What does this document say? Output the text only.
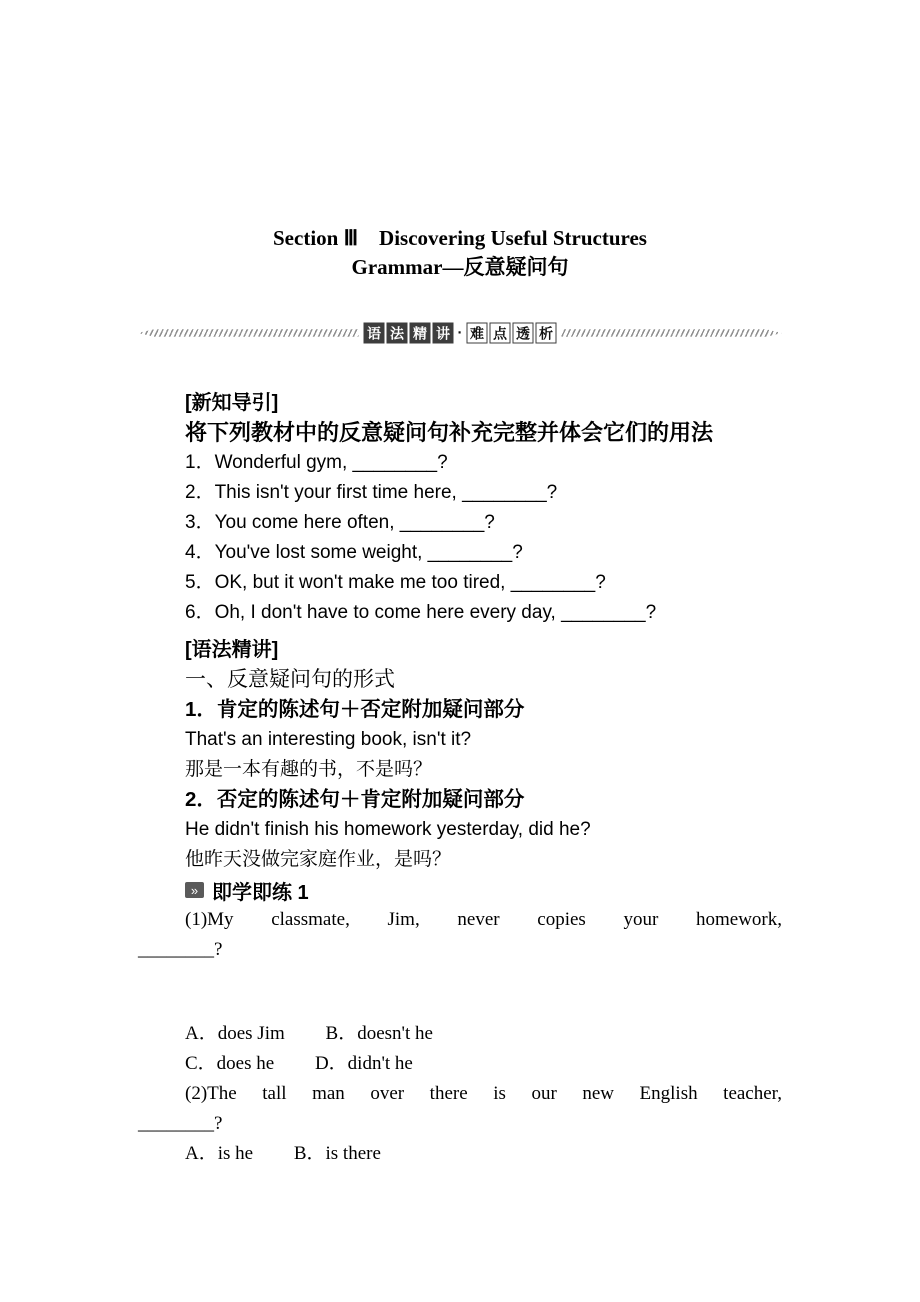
Section Ⅲ　Discovering Useful Structures
Grammar—反意疑问句
语 法 精 讲 · 难 点 透 析
[新知导引]
将下列教材中的反意疑问句补充完整并体会它们的用法
1．Wonderful gym, ________?
2．This isn't your first time here, ________?
3．You come here often, ________?
4．You've lost some weight, ________?
5．OK, but it won't make me too tired, ________?
6．Oh, I don't have to come here every day, ________?
[语法精讲]
一、反意疑问句的形式
1．肯定的陈述句＋否定附加疑问部分
That's an interesting book, isn't it?
那是一本有趣的书，不是吗？
2．否定的陈述句＋肯定附加疑问部分
He didn't finish his homework yesterday, did he?
他昨天没做完家庭作业，是吗？
» 即学即练 1
(1)My classmate, Jim, never copies your homework,
________?
A．does Jim B．doesn't he
C．does he D．didn't he
(2)The tall man over there is our new English teacher,
________?
A．is he B．is there
